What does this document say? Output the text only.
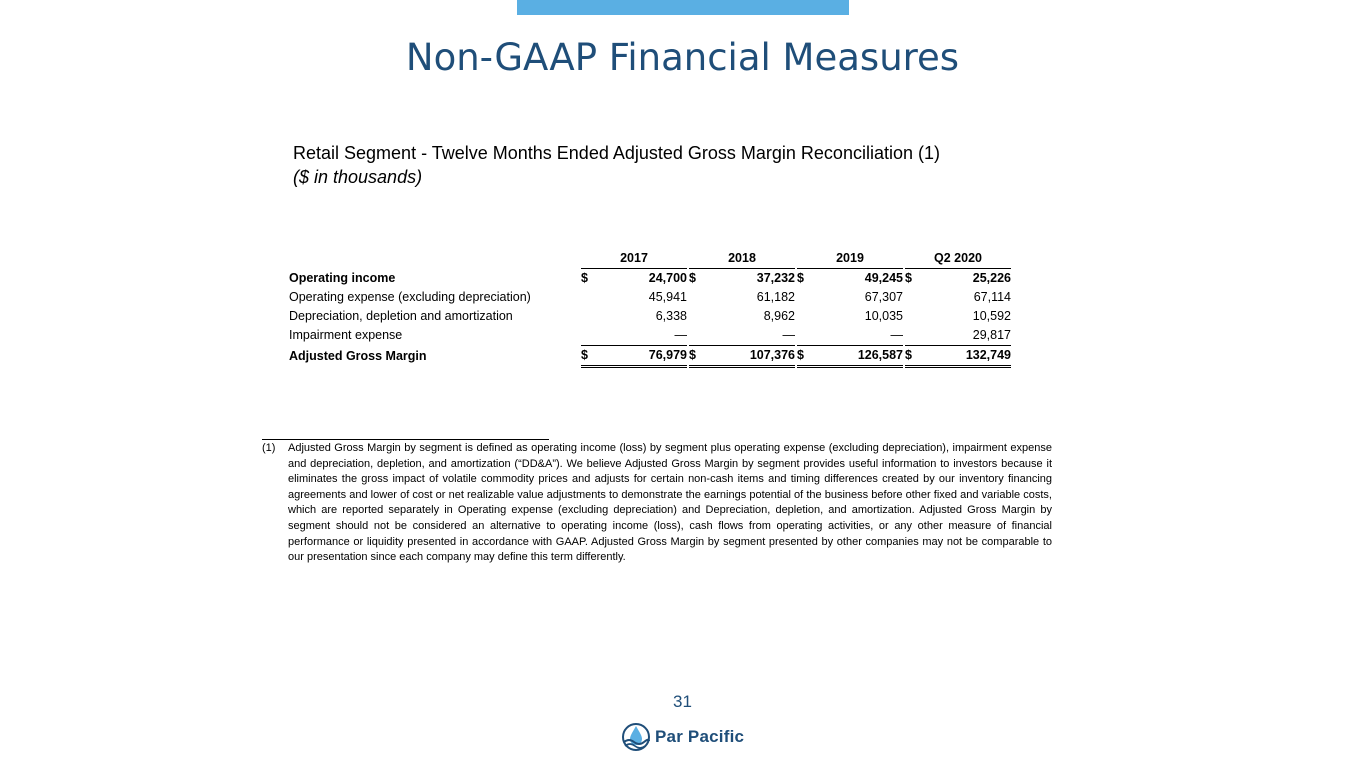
Non-GAAP Financial Measures
Retail Segment - Twelve Months Ended Adjusted Gross Margin Reconciliation (1)
($ in thousands)
		2017			2018			2019			Q2 2020	
Operating income		$	24,700		$	37,232		$	49,245		$	25,226
Operating expense (excluding depreciation)			45,941			61,182			67,307			67,114
Depreciation, depletion and amortization			6,338			8,962			10,035			10,592
Impairment expense			—			—			—			29,817
Adjusted Gross Margin		$	76,979		$	107,376		$	126,587		$	132,749
(1) Adjusted Gross Margin by segment is defined as operating income (loss) by segment plus operating expense (excluding depreciation), impairment expense and depreciation, depletion, and amortization (“DD&A”). We believe Adjusted Gross Margin by segment provides useful information to investors because it eliminates the gross impact of volatile commodity prices and adjusts for certain non-cash items and timing differences created by our inventory financing agreements and lower of cost or net realizable value adjustments to demonstrate the earnings potential of the business before other fixed and variable costs, which are reported separately in Operating expense (excluding depreciation) and Depreciation, depletion, and amortization. Adjusted Gross Margin by segment should not be considered an alternative to operating income (loss), cash flows from operating activities, or any other measure of financial performance or liquidity presented in accordance with GAAP. Adjusted Gross Margin by segment presented by other companies may not be comparable to our presentation since each company may define this term differently.
31
Par Pacific
